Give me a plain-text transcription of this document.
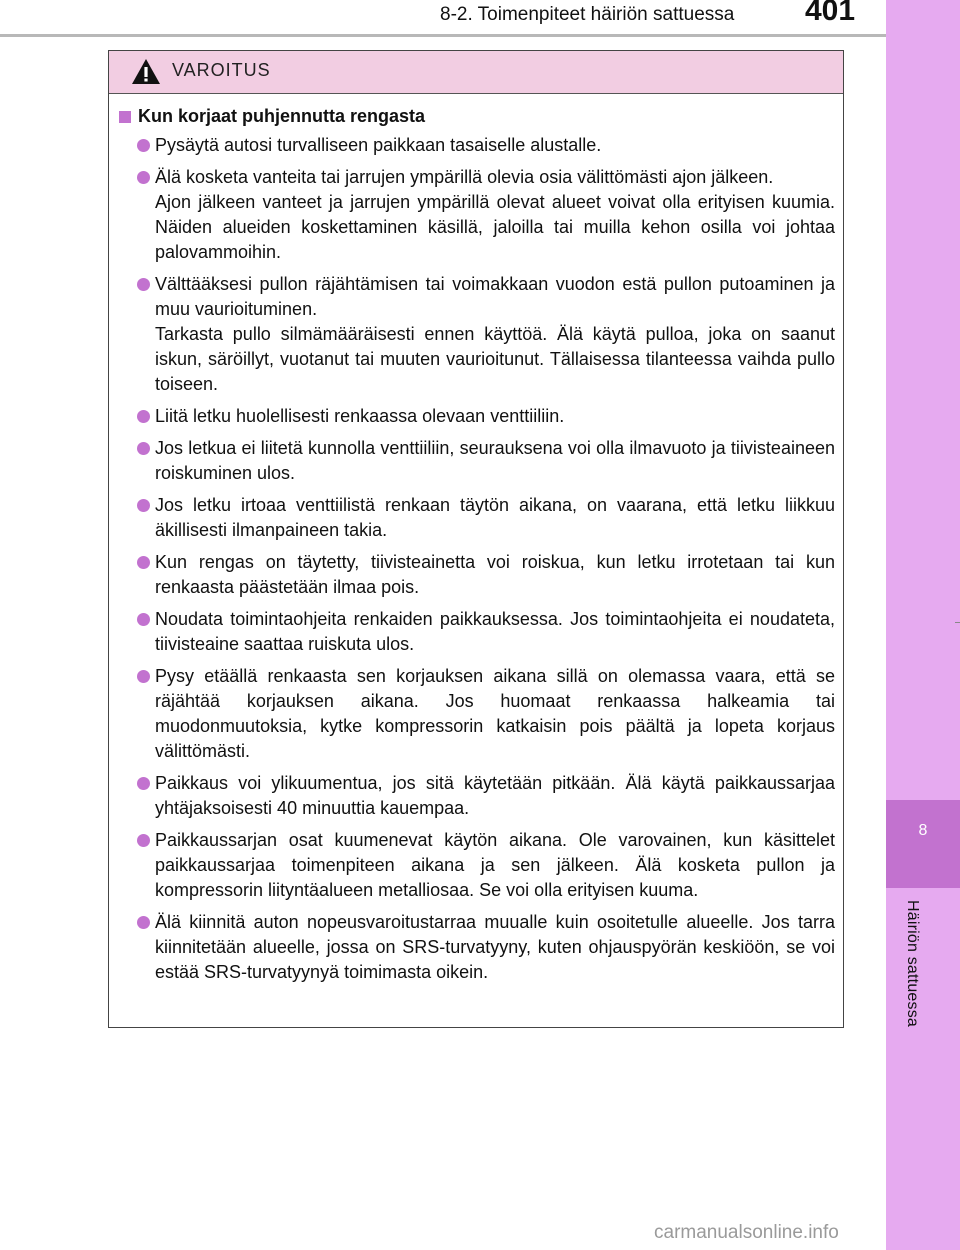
8-2. Toimenpiteet häiriön sattuessa 401
8
Häiriön sattuessa
VAROITUS
Kun korjaat puhjennutta rengasta

Pysäytä autosi turvalliseen paikkaan tasaiselle alustalle.

Älä kosketa vanteita tai jarrujen ympärillä olevia osia välittömästi ajon jälkeen.

Ajon jälkeen vanteet ja jarrujen ympärillä olevat alueet voivat olla erityisen kuumia. Näiden alueiden koskettaminen käsillä, jaloilla tai muilla kehon osilla voi johtaa palovammoihin.

Välttääksesi pullon räjähtämisen tai voimakkaan vuodon estä pullon putoaminen ja muu vaurioituminen.

Tarkasta pullo silmämääräisesti ennen käyttöä. Älä käytä pulloa, joka on saanut iskun, säröillyt, vuotanut tai muuten vaurioitunut. Tällaisessa tilanteessa vaihda pullo toiseen.

Liitä letku huolellisesti renkaassa olevaan venttiiliin.

Jos letkua ei liitetä kunnolla venttiiliin, seurauksena voi olla ilmavuoto ja tiivisteaineen roiskuminen ulos.

Jos letku irtoaa venttiilistä renkaan täytön aikana, on vaarana, että letku liikkuu äkillisesti ilmanpaineen takia.

Kun rengas on täytetty, tiivisteainetta voi roiskua, kun letku irrotetaan tai kun renkaasta päästetään ilmaa pois.

Noudata toimintaohjeita renkaiden paikkauksessa. Jos toimintaohjeita ei noudateta, tiivisteaine saattaa ruiskuta ulos.

Pysy etäällä renkaasta sen korjauksen aikana sillä on olemassa vaara, että se räjähtää korjauksen aikana. Jos huomaat renkaassa halkeamia tai muodonmuutoksia, kytke kompressorin katkaisin pois päältä ja lopeta korjaus välittömästi.

Paikkaus voi ylikuumentua, jos sitä käytetään pitkään. Älä käytä paikkaussarjaa yhtäjaksoisesti 40 minuuttia kauempaa.

Paikkaussarjan osat kuumenevat käytön aikana. Ole varovainen, kun käsittelet paikkaussarjaa toimenpiteen aikana ja sen jälkeen. Älä kosketa pullon ja kompressorin liityntäalueen metalliosaa. Se voi olla erityisen kuuma.

Älä kiinnitä auton nopeusvaroitustarraa muualle kuin osoitetulle alueelle. Jos tarra kiinnitetään alueelle, jossa on SRS-turvatyyny, kuten ohjauspyörän keskiöön, se voi estää SRS-turvatyynyä toimimasta oikein.

carmanualsonline.info
